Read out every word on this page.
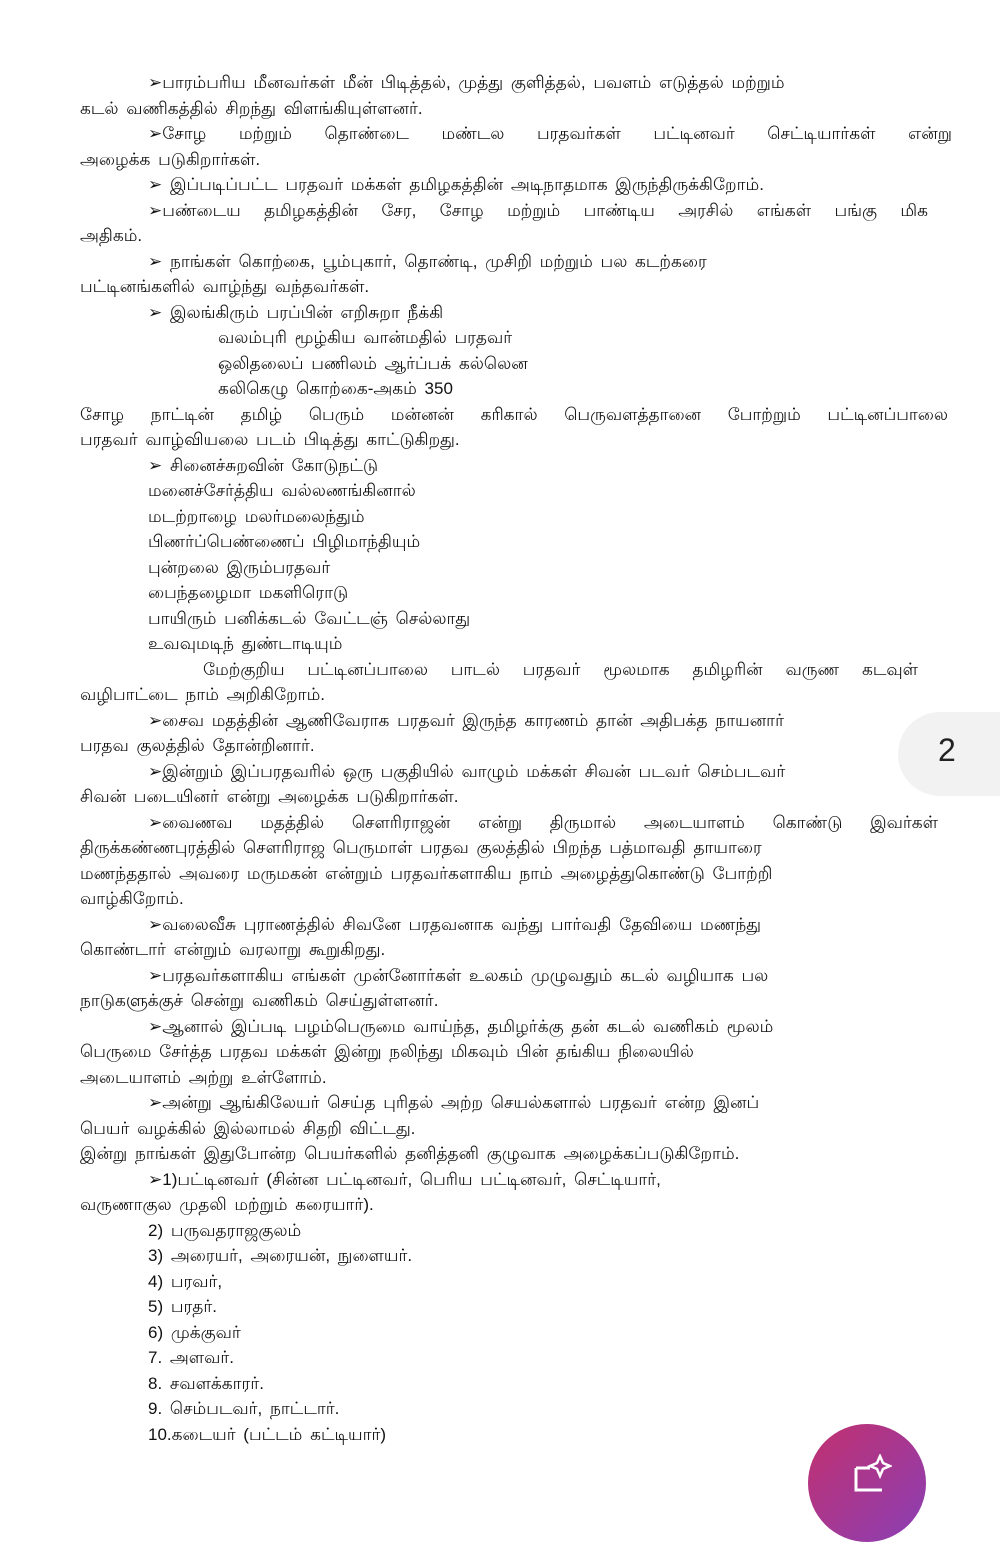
➢பாரம்பரிய மீனவர்கள் மீன் பிடித்தல், முத்து குளித்தல், பவளம் எடுத்தல் மற்றும்
கடல் வணிகத்தில் சிறந்து விளங்கியுள்ளனர்.
➢சோழ மற்றும் தொண்டை மண்டல பரதவர்கள் பட்டினவர் செட்டியார்கள் என்று
அழைக்க படுகிறார்கள்.
➢ இப்படிப்பட்ட பரதவர் மக்கள் தமிழகத்தின் அடிநாதமாக இருந்திருக்கிறோம்.
➢பண்டைய தமிழகத்தின் சேர, சோழ மற்றும் பாண்டிய அரசில் எங்கள் பங்கு மிக
அதிகம்.
➢ நாங்கள் கொற்கை, பூம்புகார், தொண்டி, முசிறி மற்றும் பல கடற்கரை
பட்டினங்களில் வாழ்ந்து வந்தவர்கள்.
➢ இலங்கிரும் பரப்பின் எறிசுறா நீக்கி
வலம்புரி மூழ்கிய வான்மதில் பரதவர்
ஒலிதலைப் பணிலம் ஆர்ப்பக் கல்லென
கலிகெழு கொற்கை-அகம் 350
சோழ நாட்டின் தமிழ் பெரும் மன்னன் கரிகால் பெருவளத்தானை போற்றும் பட்டினப்பாலை
பரதவர் வாழ்வியலை படம் பிடித்து காட்டுகிறது.
➢ சினைச்சுறவின் கோடுநட்டு
மனைச்சேர்த்திய வல்லணங்கினால்
மடற்றாழை மலர்மலைந்தும்
பிணர்ப்பெண்ணைப் பிழிமாந்தியும்
புன்றலை இரும்பரதவர்
பைந்தழைமா மகளிரொடு
பாயிரும் பனிக்கடல் வேட்டஞ் செல்லாது
உவவுமடிந் துண்டாடியும்
மேற்குறிய பட்டினப்பாலை பாடல் பரதவர் மூலமாக தமிழரின் வருண கடவுள்
வழிபாட்டை நாம் அறிகிறோம்.
➢சைவ மதத்தின் ஆணிவேராக பரதவர் இருந்த காரணம் தான் அதிபக்த நாயனார்
பரதவ குலத்தில் தோன்றினார்.
➢இன்றும் இப்பரதவரில் ஒரு பகுதியில் வாழும் மக்கள் சிவன் படவர் செம்படவர்
சிவன் படையினர் என்று அழைக்க படுகிறார்கள்.
➢வைணவ மதத்தில் சௌரிராஜன் என்று திருமால் அடையாளம் கொண்டு இவர்கள்
திருக்கண்ணபுரத்தில் சௌரிராஜ பெருமாள் பரதவ குலத்தில் பிறந்த பத்மாவதி தாயாரை
மணந்ததால் அவரை மருமகன் என்றும் பரதவர்களாகிய நாம் அழைத்துகொண்டு போற்றி
வாழ்கிறோம்.
➢வலைவீசு புராணத்தில் சிவனே பரதவனாக வந்து பார்வதி தேவியை மணந்து
கொண்டார் என்றும் வரலாறு கூறுகிறது.
➢பரதவர்களாகிய எங்கள் முன்னோர்கள் உலகம் முழுவதும் கடல் வழியாக பல
நாடுகளுக்குச் சென்று வணிகம் செய்துள்ளனர்.
➢ஆனால் இப்படி பழம்பெருமை வாய்ந்த, தமிழர்க்கு தன் கடல் வணிகம் மூலம்
பெருமை சேர்த்த பரதவ மக்கள் இன்று நலிந்து மிகவும் பின் தங்கிய நிலையில்
அடையாளம் அற்று உள்ளோம்.
➢அன்று ஆங்கிலேயர் செய்த புரிதல் அற்ற செயல்களால் பரதவர் என்ற இனப்
பெயர் வழக்கில் இல்லாமல் சிதறி விட்டது.
இன்று நாங்கள் இதுபோன்ற பெயர்களில் தனித்தனி குழுவாக அழைக்கப்படுகிறோம்.
➢1)பட்டினவர் (சின்ன பட்டினவர், பெரிய பட்டினவர், செட்டியார்,
வருணாகுல முதலி மற்றும் கரையார்).
2) பருவதராஜகுலம்
3) அரையர், அரையன், நுளையர்.
4) பரவர்,
5) பரதர்.
6) முக்குவர்
7. அளவர்.
8. சவளக்காரர்.
9. செம்படவர், நாட்டார்.
10.கடையர் (பட்டம் கட்டியார்)
2
